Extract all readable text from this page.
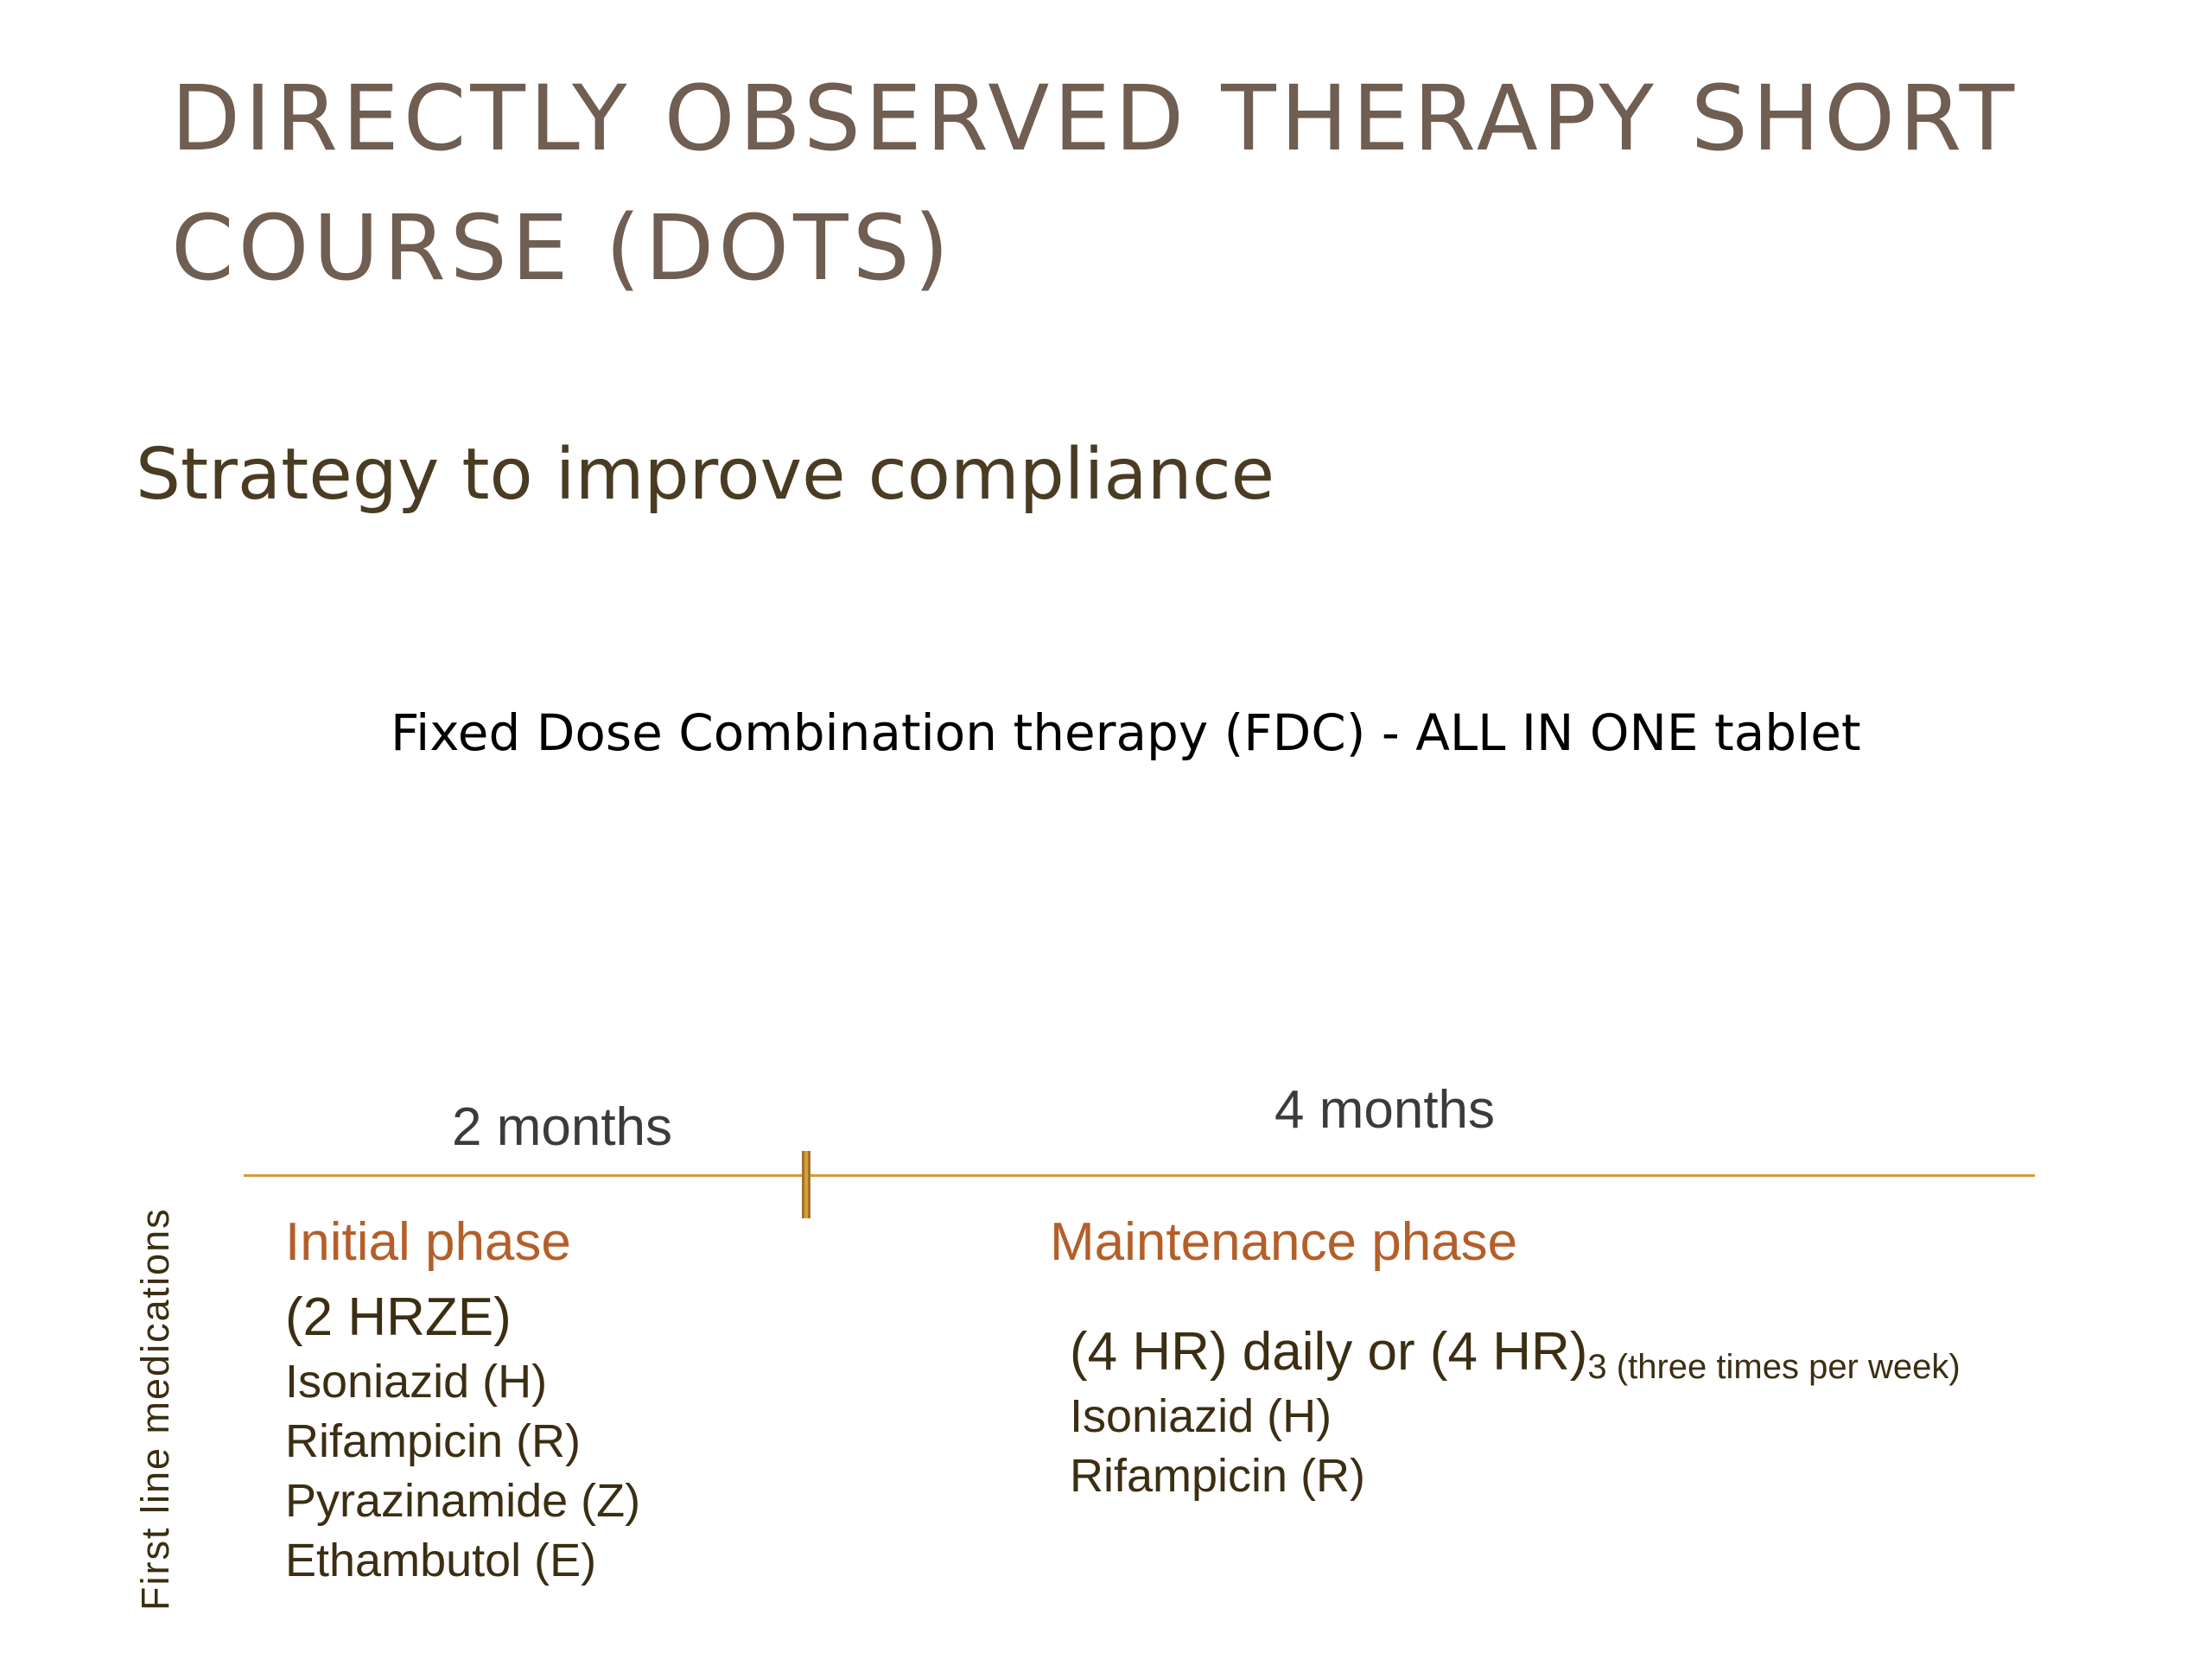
DIRECTLY OBSERVED THERAPY SHORT
COURSE (DOTS)
Strategy to improve compliance
Fixed Dose Combination therapy (FDC) - ALL IN ONE tablet
2 months	4 months
First line medications Initial phase
(2 HRZE)
Isoniazid (H)
Rifampicin (R)
Pyrazinamide (Z)
Ethambutol (E)
Maintenance phase
(4 HR) daily or (4 HR)3 (three times per week)
Isoniazid (H)
Rifampicin (R)
